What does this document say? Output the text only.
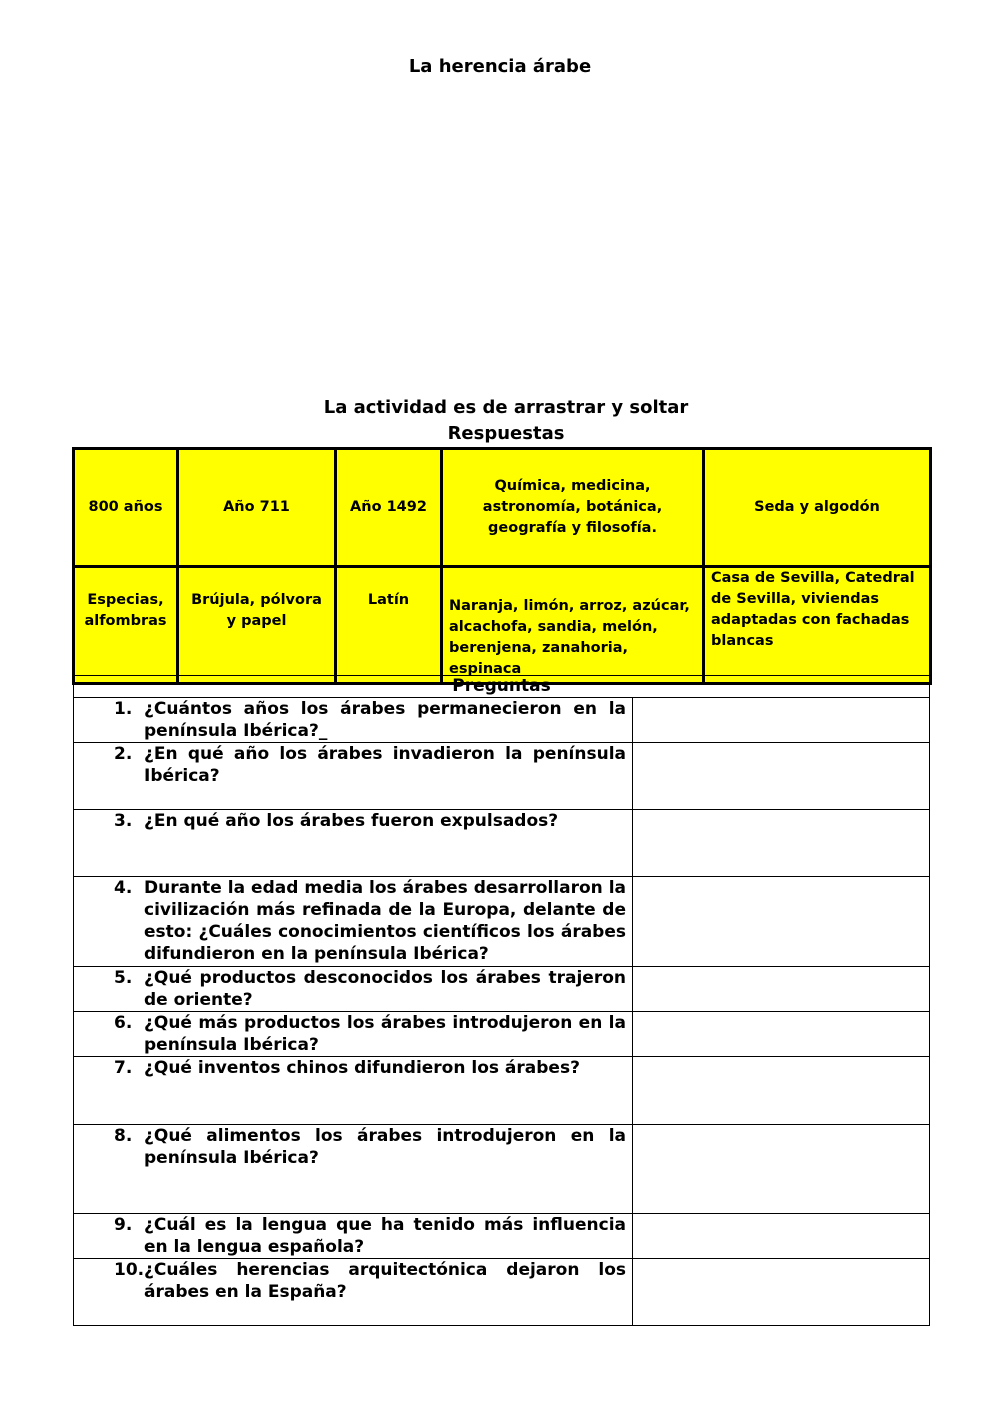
La herencia árabe
La actividad es de arrastrar y soltar
Respuestas
800 años	Año 711	Año 1492	Química, medicina, astronomía, botánica, geografía y filosofía.	Seda y algodón
Especias, alfombras	Brújula, pólvora y papel	Latín	Naranja, limón, arroz, azúcar, alcachofa, sandia, melón, berenjena, zanahoria, espinaca	Casa de Sevilla, Catedral de Sevilla, viviendas adaptadas con fachadas blancas
Preguntas	

1. ¿Cuántos años los árabes permanecieron en la península Ibérica?_	

2. ¿En qué año los árabes invadieron la península Ibérica?	

3. ¿En qué año los árabes fueron expulsados?	

4. Durante la edad media los árabes desarrollaron la civilización más refinada de la Europa, delante de esto: ¿Cuáles conocimientos científicos los árabes difundieron en la península Ibérica?	

5. ¿Qué productos desconocidos los árabes trajeron de oriente?	

6. ¿Qué más productos los árabes introdujeron en la península Ibérica?	

7. ¿Qué inventos chinos difundieron los árabes?	

8. ¿Qué alimentos los árabes introdujeron en la península Ibérica?	

9. ¿Cuál es la lengua que ha tenido más influencia en la lengua española?	

10. ¿Cuáles herencias arquitectónica dejaron los árabes en la España?	
